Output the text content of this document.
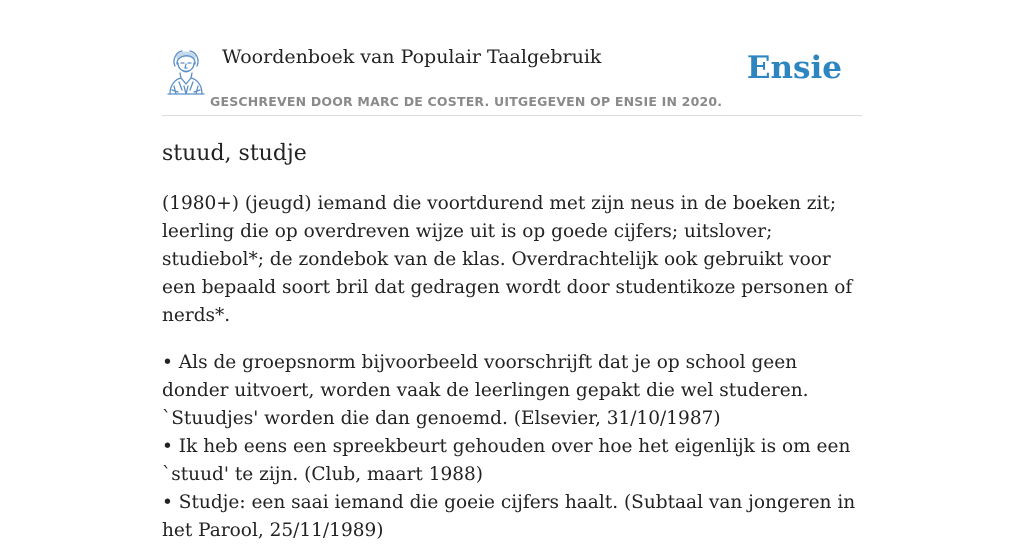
Woordenboek van Populair Taalgebruik
GESCHREVEN DOOR MARC DE COSTER. UITGEGEVEN OP ENSIE IN 2020.
Ensie
stuud, studje

(1980+) (jeugd) iemand die voortdurend met zijn neus in de boeken zit; leerling die op overdreven wijze uit is op goede cijfers; uitslover; studiebol*; de zondebok van de klas. Overdrachtelijk ook gebruikt voor een bepaald soort bril dat gedragen wordt door studentikoze personen of nerds*.

• Als de groepsnorm bijvoorbeeld voorschrijft dat je op school geen donder uitvoert, worden vaak de leerlingen gepakt die wel studeren. `Stuudjes' worden die dan genoemd. (Elsevier, 31/10/1987)

• Ik heb eens een spreekbeurt gehouden over hoe het eigenlijk is om een `stuud' te zijn. (Club, maart 1988)

• Studje: een saai iemand die goeie cijfers haalt. (Subtaal van jongeren in het Parool, 25/11/1989)
